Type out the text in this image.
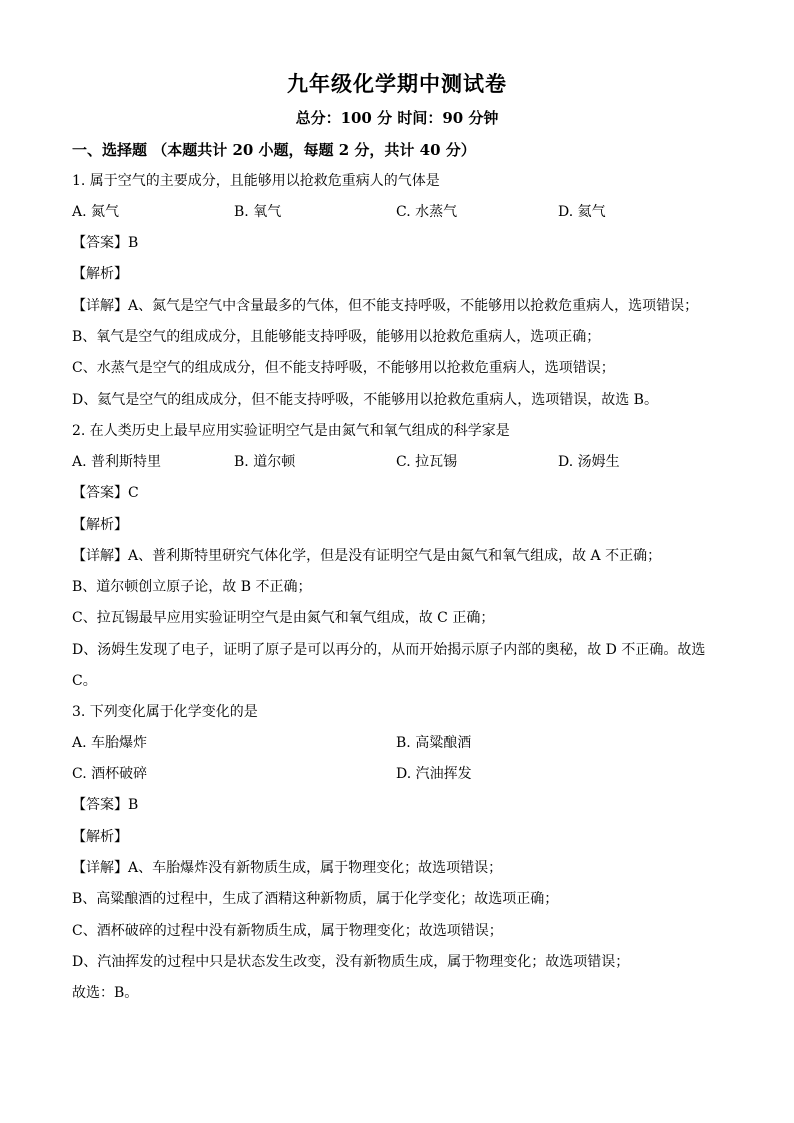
九年级化学期中测试卷
总分：100 分 时间：90 分钟
一、选择题 （本题共计 20 小题，每题 2 分，共计 40 分）
1. 属于空气的主要成分，且能够用以抢救危重病人的气体是
A. 氮气	B. 氧气	C. 水蒸气	D. 氦气
【答案】B
【解析】
【详解】A、氮气是空气中含量最多的气体，但不能支持呼吸，不能够用以抢救危重病人，选项错误；
B、氧气是空气的组成成分，且能够能支持呼吸，能够用以抢救危重病人，选项正确；
C、水蒸气是空气的组成成分，但不能支持呼吸，不能够用以抢救危重病人，选项错误；
D、氦气是空气的组成成分，但不能支持呼吸，不能够用以抢救危重病人，选项错误，故选 B。
2. 在人类历史上最早应用实验证明空气是由氮气和氧气组成的科学家是
A. 普利斯特里	B. 道尔顿	C. 拉瓦锡	D. 汤姆生
【答案】C
【解析】
【详解】A、普利斯特里研究气体化学，但是没有证明空气是由氮气和氧气组成，故 A 不正确；
B、道尔顿创立原子论，故 B 不正确；
C、拉瓦锡最早应用实验证明空气是由氮气和氧气组成，故 C 正确；
D、汤姆生发现了电子，证明了原子是可以再分的，从而开始揭示原子内部的奥秘，故 D 不正确。故选
C。
3. 下列变化属于化学变化的是
A. 车胎爆炸	B. 高粱酿酒
C. 酒杯破碎	D. 汽油挥发
【答案】B
【解析】
【详解】A、车胎爆炸没有新物质生成，属于物理变化；故选项错误；
B、高粱酿酒的过程中，生成了酒精这种新物质，属于化学变化；故选项正确；
C、酒杯破碎的过程中没有新物质生成，属于物理变化；故选项错误；
D、汽油挥发的过程中只是状态发生改变，没有新物质生成，属于物理变化；故选项错误；
故选：B。
